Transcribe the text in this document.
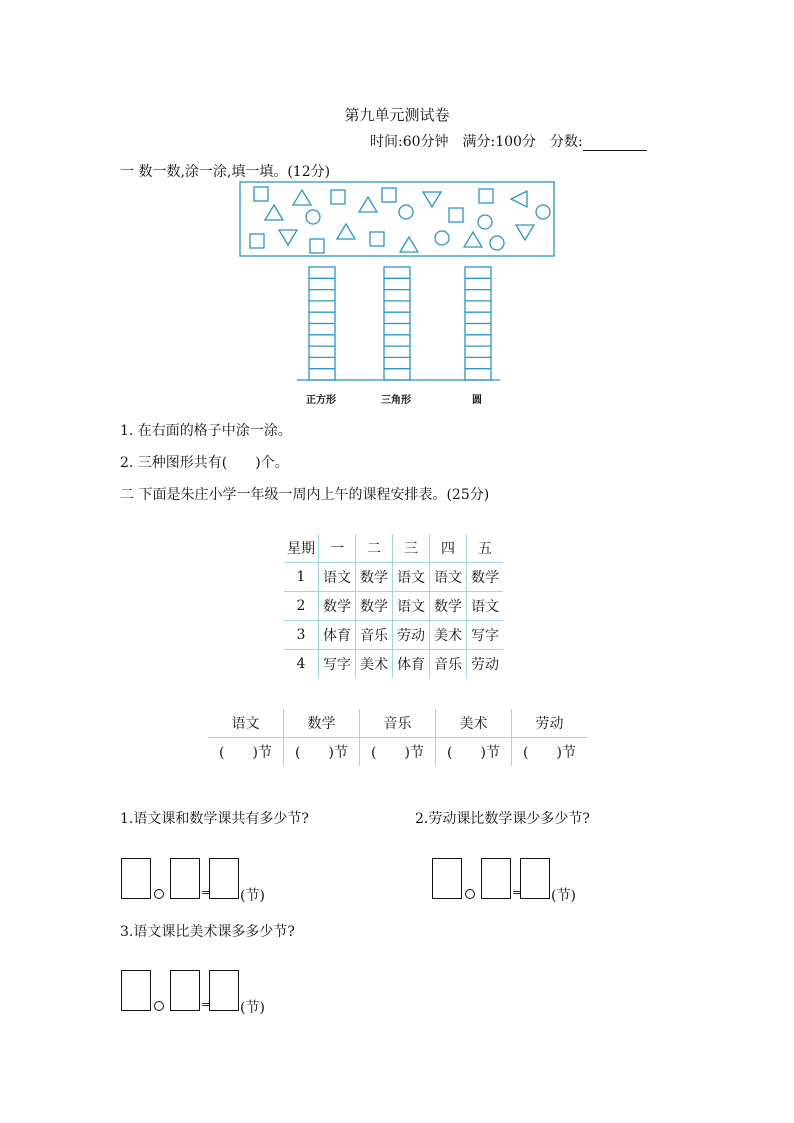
第九单元测试卷
时间:60分钟　满分:100分　分数:
一 数一数,涂一涂,填一填。(12分)
正方形	三角形	圆
1. 在右面的格子中涂一涂。
2. 三种图形共有(　　)个。
二 下面是朱庄小学一年级一周内上午的课程安排表。(25分)
星期	一	二	三	四	五
1	语文	数学	语文	语文	数学
2	数学	数学	语文	数学	语文
3	体育	音乐	劳动	美术	写字
4	写字	美术	体育	音乐	劳动
语文	数学	音乐	美术	劳动
(　　)节	(　　)节	(　　)节	(　　)节	(　　)节
1.语文课和数学课共有多少节?	2.劳动课比数学课少多少节?
3.语文课比美术课多多少节?
= (节)	= (节)
= (节)
